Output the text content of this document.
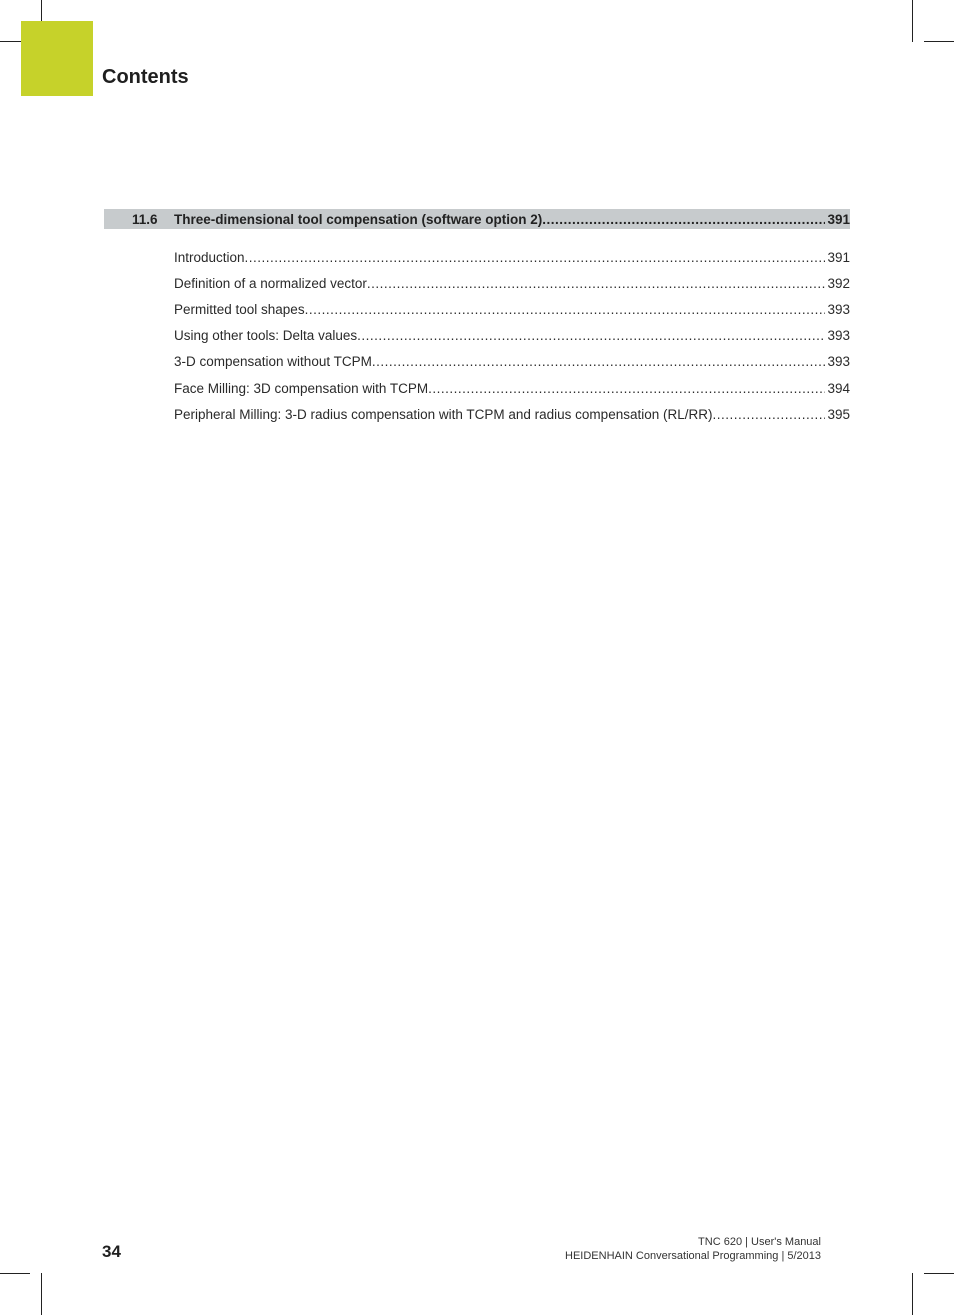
Contents
11.6	Three-dimensional tool compensation (software option 2) .....	391
Introduction .....	391
Definition of a normalized vector .....	392
Permitted tool shapes .....	393
Using other tools: Delta values .....	393
3-D compensation without TCPM .....	393
Face Milling: 3D compensation with TCPM .....	394
Peripheral Milling: 3-D radius compensation with TCPM and radius compensation (RL/RR) .....	395
34	TNC 620 | User's Manual
HEIDENHAIN Conversational Programming | 5/2013
